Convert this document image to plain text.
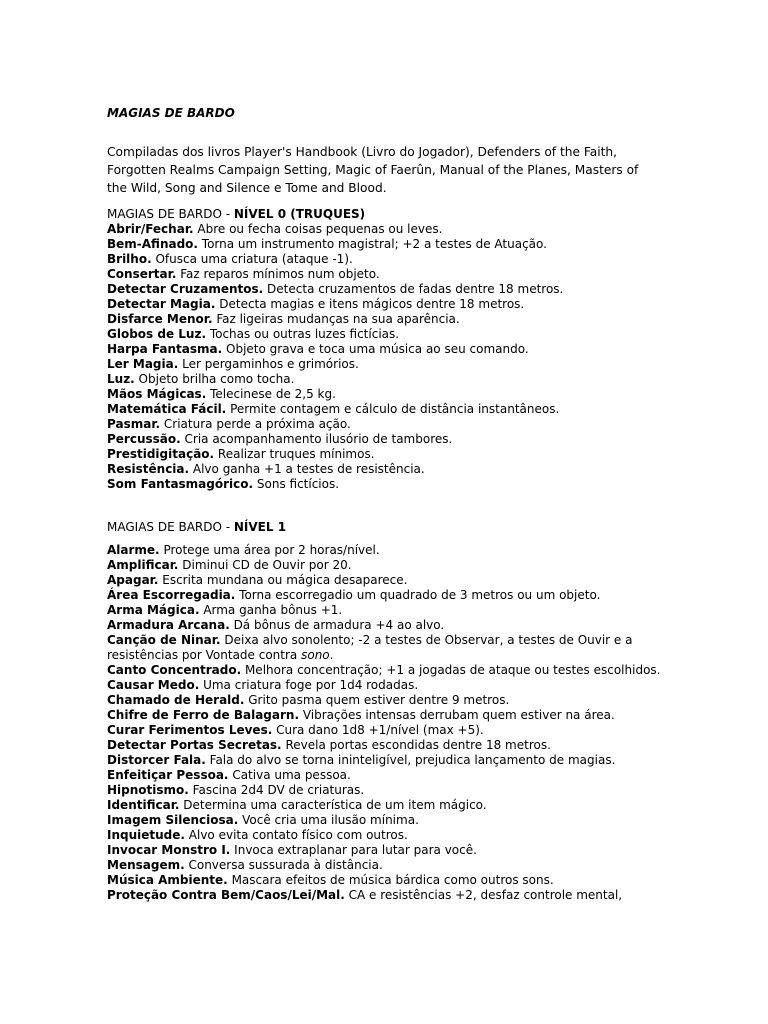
MAGIAS DE BARDO
Compiladas dos livros Player's Handbook (Livro do Jogador), Defenders of the Faith, Forgotten Realms Campaign Setting, Magic of Faerûn, Manual of the Planes, Masters of the Wild, Song and Silence e Tome and Blood.
MAGIAS DE BARDO - NÍVEL 0 (TRUQUES)
Abrir/Fechar. Abre ou fecha coisas pequenas ou leves.
Bem-Afinado. Torna um instrumento magistral; +2 a testes de Atuação.
Brilho. Ofusca uma criatura (ataque -1).
Consertar. Faz reparos mínimos num objeto.
Detectar Cruzamentos. Detecta cruzamentos de fadas dentre 18 metros.
Detectar Magia. Detecta magias e itens mágicos dentre 18 metros.
Disfarce Menor. Faz ligeiras mudanças na sua aparência.
Globos de Luz. Tochas ou outras luzes fictícias.
Harpa Fantasma. Objeto grava e toca uma música ao seu comando.
Ler Magia. Ler pergaminhos e grimórios.
Luz. Objeto brilha como tocha.
Mãos Mágicas. Telecinese de 2,5 kg.
Matemática Fácil. Permite contagem e cálculo de distância instantâneos.
Pasmar. Criatura perde a próxima ação.
Percussão. Cria acompanhamento ilusório de tambores.
Prestidigitação. Realizar truques mínimos.
Resistência. Alvo ganha +1 a testes de resistência.
Som Fantasmagórico. Sons fictícios.
MAGIAS DE BARDO - NÍVEL 1
Alarme. Protege uma área por 2 horas/nível.
Amplificar. Diminui CD de Ouvir por 20.
Apagar. Escrita mundana ou mágica desaparece.
Área Escorregadia. Torna escorregadio um quadrado de 3 metros ou um objeto.
Arma Mágica. Arma ganha bônus +1.
Armadura Arcana. Dá bônus de armadura +4 ao alvo.
Canção de Ninar. Deixa alvo sonolento; -2 a testes de Observar, a testes de Ouvir e a resistências por Vontade contra sono.
Canto Concentrado. Melhora concentração; +1 a jogadas de ataque ou testes escolhidos.
Causar Medo. Uma criatura foge por 1d4 rodadas.
Chamado de Herald. Grito pasma quem estiver dentre 9 metros.
Chifre de Ferro de Balagarn. Vibrações intensas derrubam quem estiver na área.
Curar Ferimentos Leves. Cura dano 1d8 +1/nível (max +5).
Detectar Portas Secretas. Revela portas escondidas dentre 18 metros.
Distorcer Fala. Fala do alvo se torna ininteligível, prejudica lançamento de magias.
Enfeitiçar Pessoa. Cativa uma pessoa.
Hipnotismo. Fascina 2d4 DV de criaturas.
Identificar. Determina uma característica de um item mágico.
Imagem Silenciosa. Você cria uma ilusão mínima.
Inquietude. Alvo evita contato físico com outros.
Invocar Monstro I. Invoca extraplanar para lutar para você.
Mensagem. Conversa sussurada à distância.
Música Ambiente. Mascara efeitos de música bárdica como outros sons.
Proteção Contra Bem/Caos/Lei/Mal. CA e resistências +2, desfaz controle mental,
